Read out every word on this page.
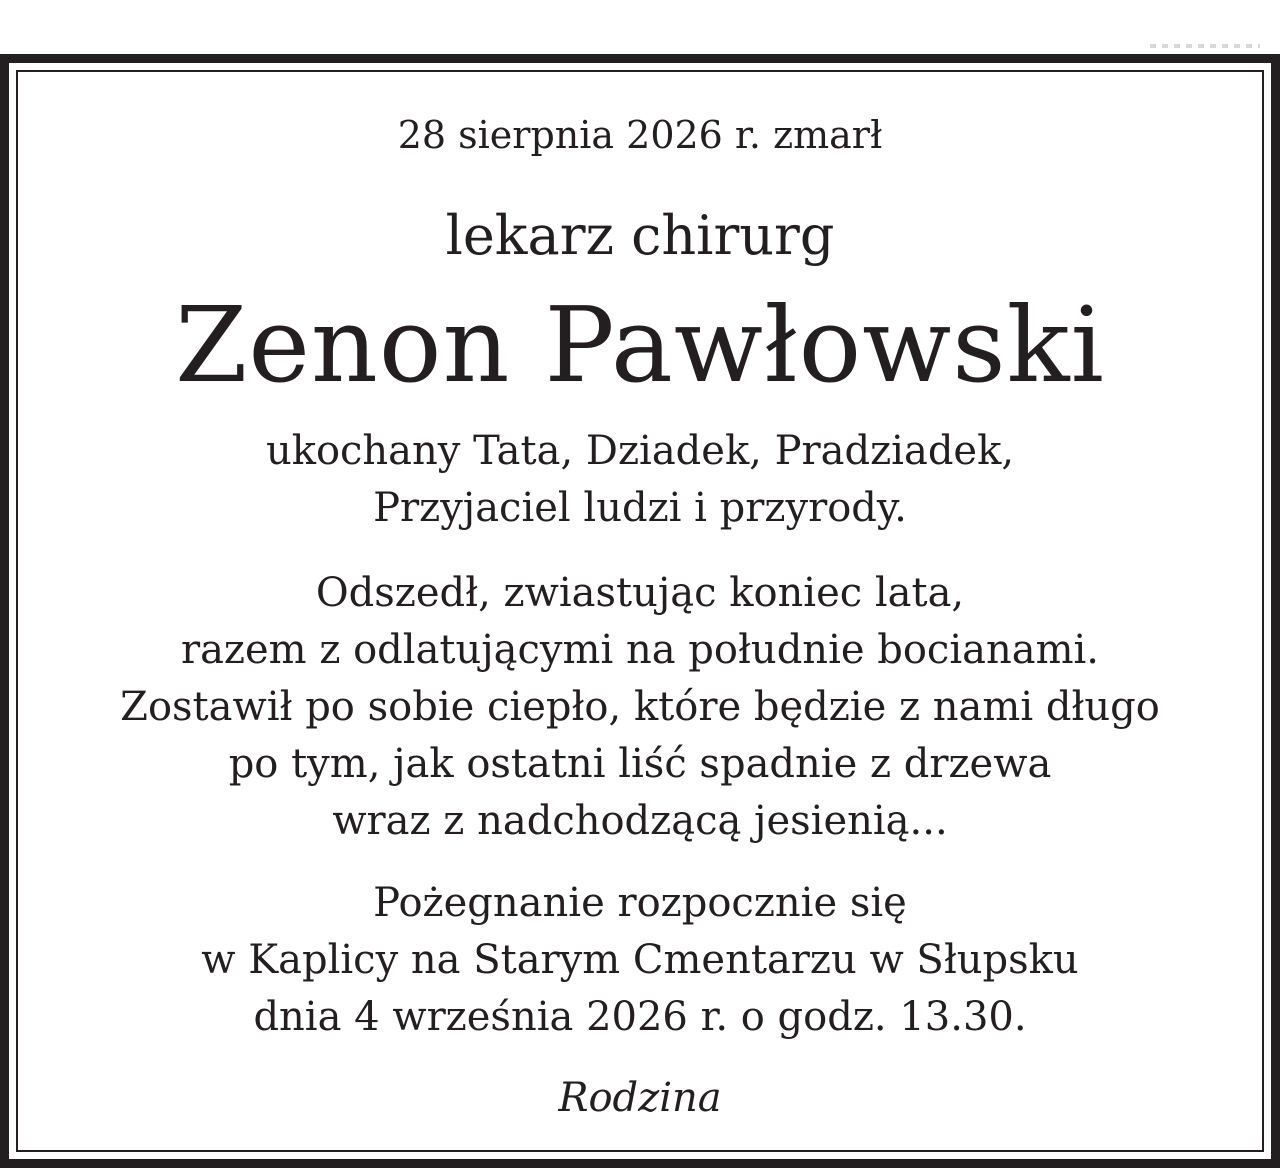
28 sierpnia 2026 r. zmarł
lekarz chirurg
Zenon Pawłowski
ukochany Tata, Dziadek, Pradziadek,
Przyjaciel ludzi i przyrody.
Odszedł, zwiastując koniec lata,
razem z odlatującymi na południe bocianami.
Zostawił po sobie ciepło, które będzie z nami długo
po tym, jak ostatni liść spadnie z drzewa
wraz z nadchodzącą jesienią...
Pożegnanie rozpocznie się
w Kaplicy na Starym Cmentarzu w Słupsku
dnia 4 września 2026 r. o godz. 13.30.
Rodzina
